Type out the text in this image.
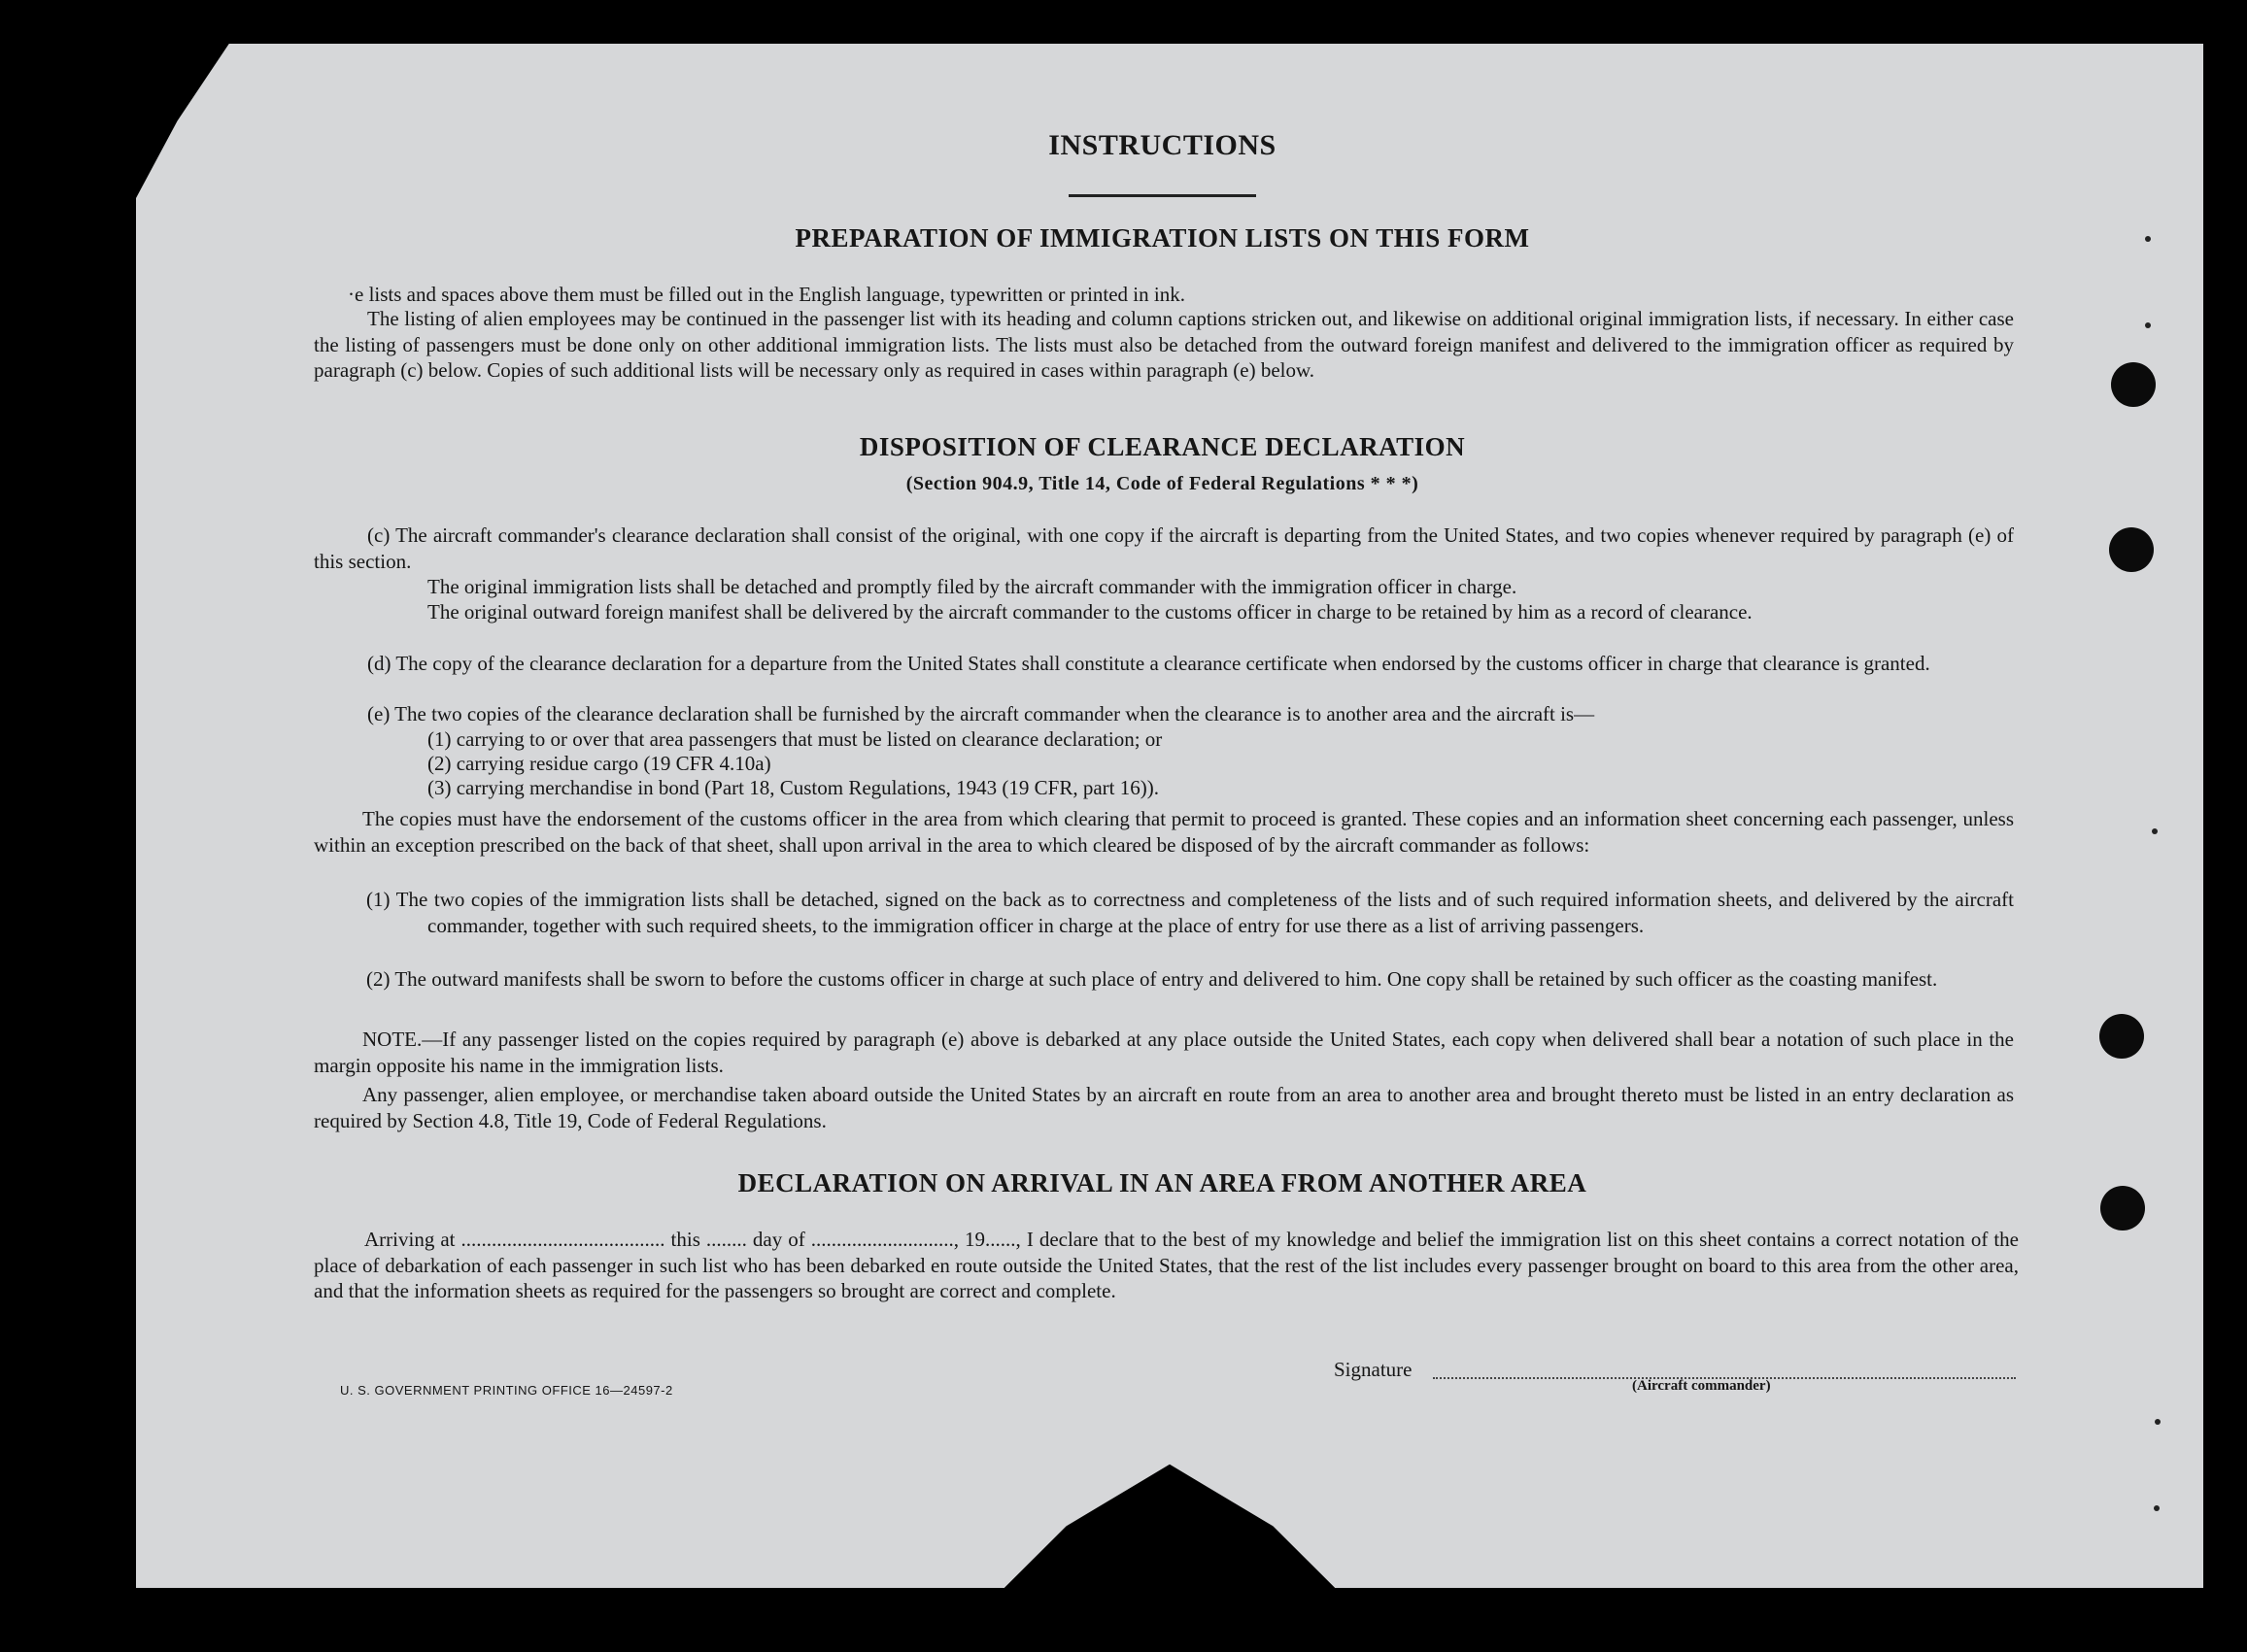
INSTRUCTIONS
PREPARATION OF IMMIGRATION LISTS ON THIS FORM
·e lists and spaces above them must be filled out in the English language, typewritten or printed in ink.
The listing of alien employees may be continued in the passenger list with its heading and column captions stricken out, and likewise on additional original immigration lists, if necessary. In either case the listing of passengers must be done only on other additional immigration lists. The lists must also be detached from the outward foreign manifest and delivered to the immigration officer as required by paragraph (c) below. Copies of such additional lists will be necessary only as required in cases within paragraph (e) below.
DISPOSITION OF CLEARANCE DECLARATION
(Section 904.9, Title 14, Code of Federal Regulations * * *)
(c) The aircraft commander's clearance declaration shall consist of the original, with one copy if the aircraft is departing from the United States, and two copies whenever required by paragraph (e) of this section.
The original immigration lists shall be detached and promptly filed by the aircraft commander with the immigration officer in charge.
The original outward foreign manifest shall be delivered by the aircraft commander to the customs officer in charge to be retained by him as a record of clearance.
(d) The copy of the clearance declaration for a departure from the United States shall constitute a clearance certificate when endorsed by the customs officer in charge that clearance is granted.
(e) The two copies of the clearance declaration shall be furnished by the aircraft commander when the clearance is to another area and the aircraft is—
(1) carrying to or over that area passengers that must be listed on clearance declaration; or
(2) carrying residue cargo (19 CFR 4.10a)
(3) carrying merchandise in bond (Part 18, Custom Regulations, 1943 (19 CFR, part 16)).
The copies must have the endorsement of the customs officer in the area from which clearing that permit to proceed is granted. These copies and an information sheet concerning each passenger, unless within an exception prescribed on the back of that sheet, shall upon arrival in the area to which cleared be disposed of by the aircraft commander as follows:
(1) The two copies of the immigration lists shall be detached, signed on the back as to correctness and completeness of the lists and of such required information sheets, and delivered by the aircraft commander, together with such required sheets, to the immigration officer in charge at the place of entry for use there as a list of arriving passengers.
(2) The outward manifests shall be sworn to before the customs officer in charge at such place of entry and delivered to him. One copy shall be retained by such officer as the coasting manifest.
NOTE.—If any passenger listed on the copies required by paragraph (e) above is debarked at any place outside the United States, each copy when delivered shall bear a notation of such place in the margin opposite his name in the immigration lists.
Any passenger, alien employee, or merchandise taken aboard outside the United States by an aircraft en route from an area to another area and brought thereto must be listed in an entry declaration as required by Section 4.8, Title 19, Code of Federal Regulations.
DECLARATION ON ARRIVAL IN AN AREA FROM ANOTHER AREA
Arriving at ........................................ this ........ day of ............................, 19......, I declare that to the best of my knowledge and belief the immigration list on this sheet contains a correct notation of the place of debarkation of each passenger in such list who has been debarked en route outside the United States, that the rest of the list includes every passenger brought on board to this area from the other area, and that the information sheets as required for the passengers so brought are correct and complete.
Signature
(Aircraft commander)
U. S. GOVERNMENT PRINTING OFFICE 16—24597-2
